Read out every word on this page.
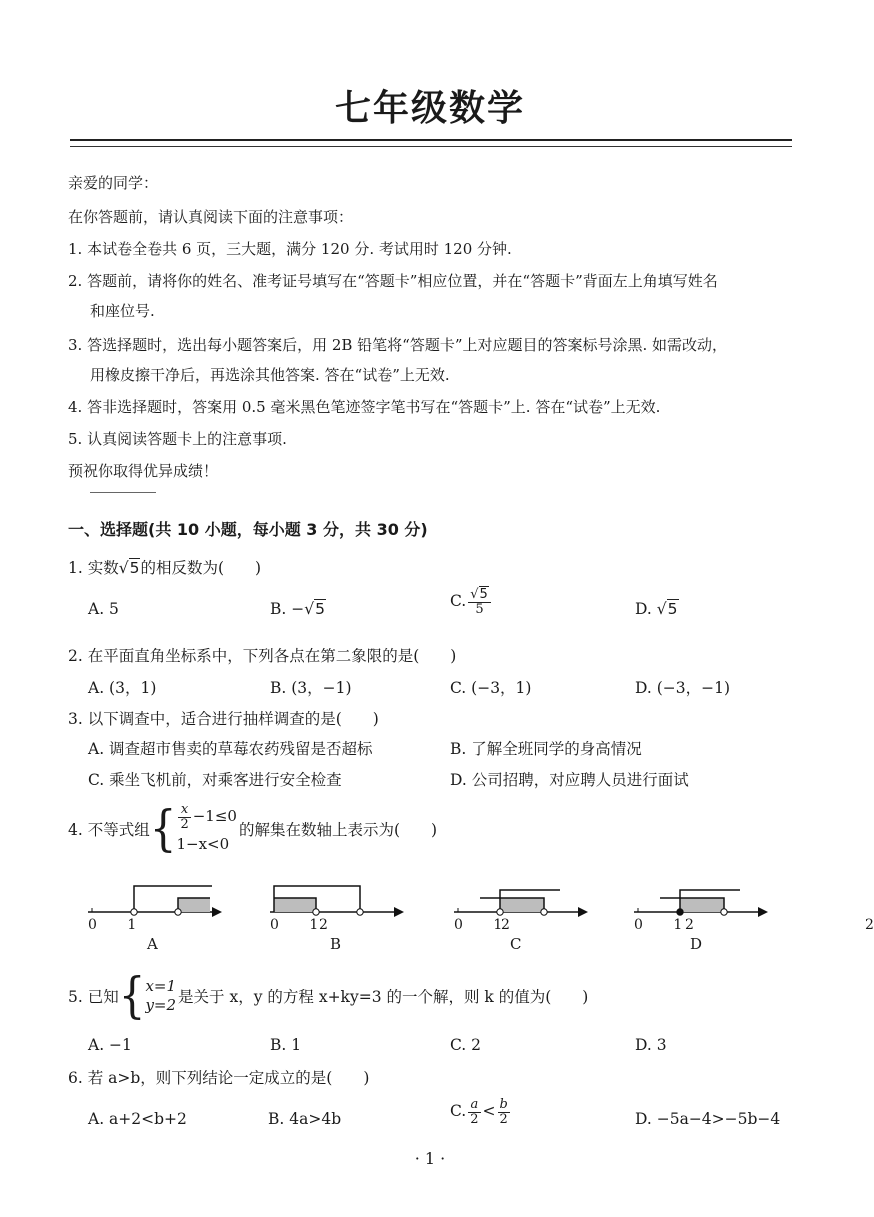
七年级数学
亲爱的同学：
在你答题前，请认真阅读下面的注意事项：
1. 本试卷全卷共 6 页，三大题，满分 120 分. 考试用时 120 分钟.
2. 答题前，请将你的姓名、准考证号填写在“答题卡”相应位置，并在“答题卡”背面左上角填写姓名
和座位号.
3. 答选择题时，选出每小题答案后，用 2B 铅笔将“答题卡”上对应题目的答案标号涂黑. 如需改动，
用橡皮擦干净后，再选涂其他答案. 答在“试卷”上无效.
4. 答非选择题时，答案用 0.5 毫米黑色笔迹签字笔书写在“答题卡”上. 答在“试卷”上无效.
5. 认真阅读答题卡上的注意事项.
预祝你取得优异成绩！
一、选择题(共 10 小题，每小题 3 分，共 30 分)
1. 实数√5的相反数为(　　)
A. 5	B. −√5	C. $\frac{√5}{5}$	D. √5
2. 在平面直角坐标系中，下列各点在第二象限的是(　　)
A. (3，1)	B. (3，−1)	C. (−3，1)	D. (−3，−1)
3. 以下调查中，适合进行抽样调查的是(　　)
A. 调查超市售卖的草莓农药残留是否超标	B. 了解全班同学的身高情况
C. 乘坐飞机前，对乘客进行安全检查	D. 公司招聘，对应聘人员进行面试
4. 不等式组{ $\frac{x}{2} -1\le 0$
1−x<0
的解集在数轴上表示为(　　)
0 1	2
0 1	2
0 1	2
0 1	2
A	B	C	D
5. 已知{ x=1
y=2 是关于 x，y 的方程 x+ky=3 的一个解，则 k 的值为(　　)
A. −1	B. 1	C. 2	D. 3
6. 若 a>b，则下列结论一定成立的是(　　)
A. a+2<b+2	B. 4a>4b	C. $\frac{a}{2} < \frac{b}{2}$	D. −5a−4>−5b−4
· 1 ·
